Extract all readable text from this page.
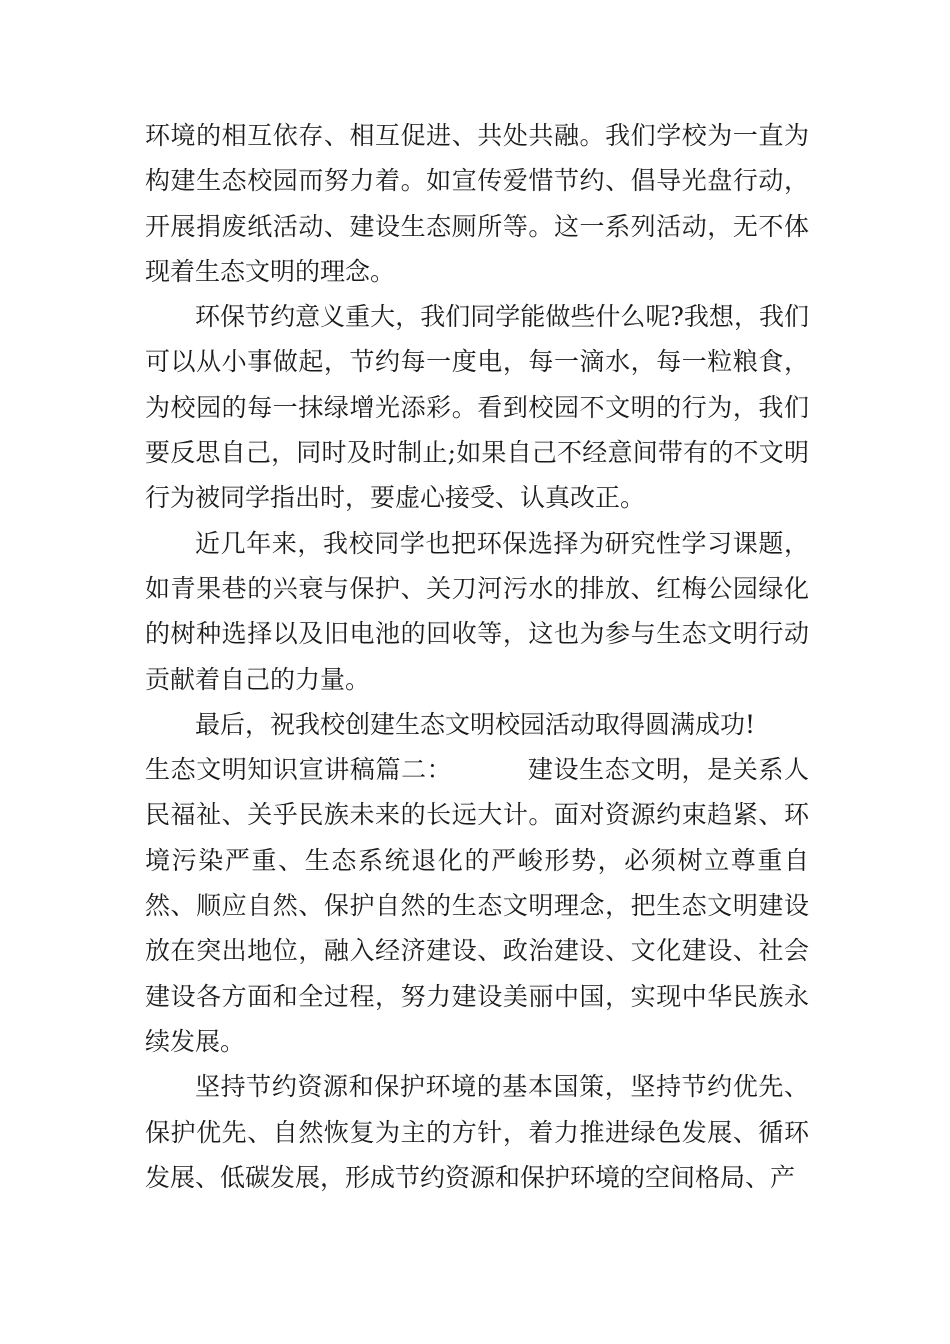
环境的相互依存、相互促进、共处共融。我们学校为一直为构建生态校园而努力着。如宣传爱惜节约、倡导光盘行动，开展捐废纸活动、建设生态厕所等。这一系列活动，无不体现着生态文明的理念。

环保节约意义重大，我们同学能做些什么呢?我想，我们可以从小事做起，节约每一度电，每一滴水，每一粒粮食，为校园的每一抹绿增光添彩。看到校园不文明的行为，我们要反思自己，同时及时制止;如果自己不经意间带有的不文明行为被同学指出时，要虚心接受、认真改正。

近几年来，我校同学也把环保选择为研究性学习课题，如青果巷的兴衰与保护、关刀河污水的排放、红梅公园绿化的树种选择以及旧电池的回收等，这也为参与生态文明行动贡献着自己的力量。

最后，祝我校创建生态文明校园活动取得圆满成功!

生态文明知识宣讲稿篇二：	建设生态文明，是关系人民福祉、关乎民族未来的长远大计。面对资源约束趋紧、环境污染严重、生态系统退化的严峻形势，必须树立尊重自然、顺应自然、保护自然的生态文明理念，把生态文明建设放在突出地位，融入经济建设、政治建设、文化建设、社会建设各方面和全过程，努力建设美丽中国，实现中华民族永续发展。

坚持节约资源和保护环境的基本国策，坚持节约优先、保护优先、自然恢复为主的方针，着力推进绿色发展、循环发展、低碳发展，形成节约资源和保护环境的空间格局、产
